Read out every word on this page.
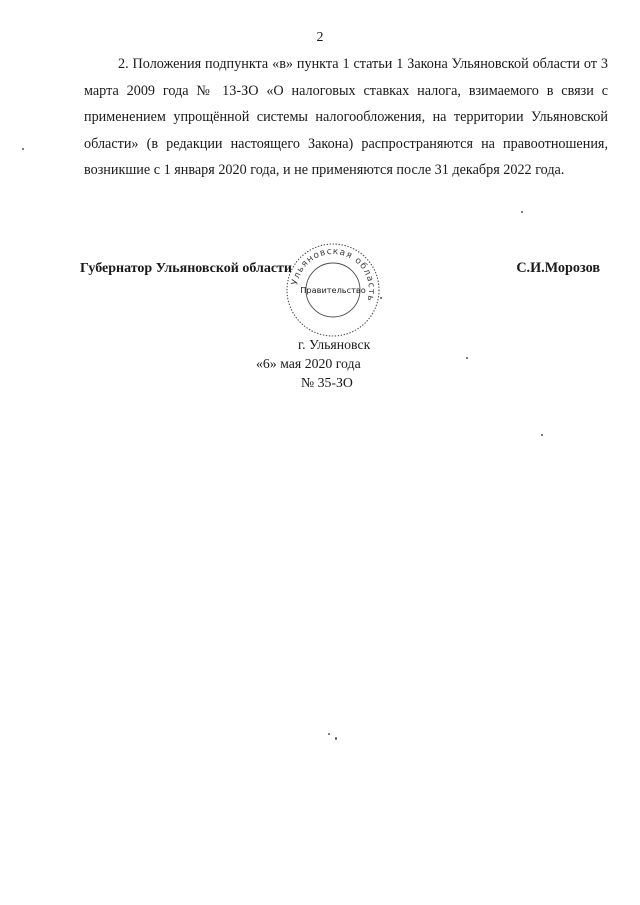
2

2. Положения подпункта «в» пункта 1 статьи 1 Закона Ульяновской области от 3 марта 2009 года № 13-ЗО «О налоговых ставках налога, взимаемого в связи с применением упрощённой системы налогообложения, на территории Ульяновской области» (в редакции настоящего Закона) распространяются на правоотношения, возникшие с 1 января 2020 года, и не применяются после 31 декабря 2022 года.

Губернатор Ульяновской области	С.И.Морозов
Ульяновская область
Правительство
г. Ульяновск
«6» мая 2020 года
№ 35-ЗО
